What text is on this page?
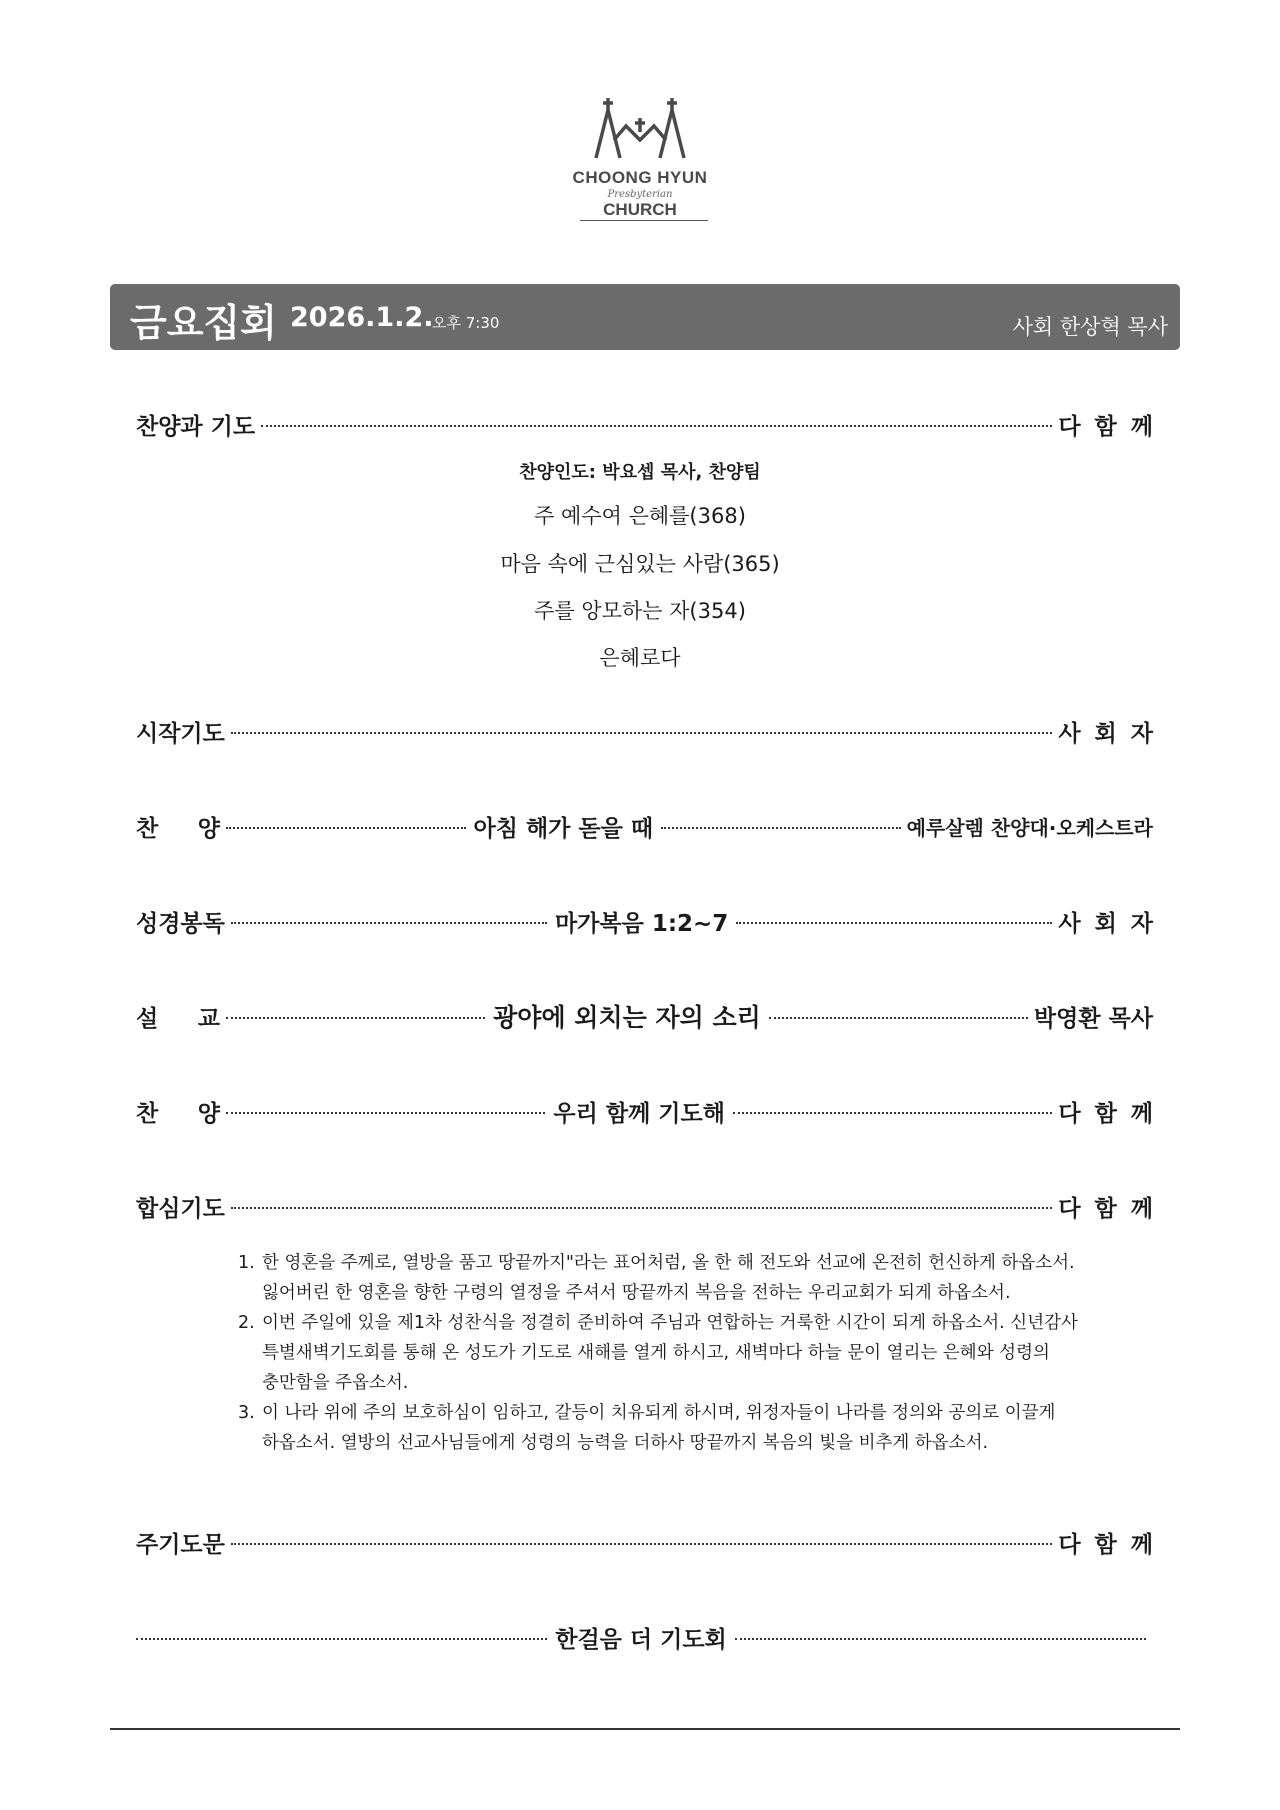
CHOONG HYUN
Presbyterian
CHURCH
금요집회 2026.1.2.
오후 7:30	사회 한상혁 목사
찬양과 기도	다함께
찬양인도: 박요셉 목사, 찬양팀
주 예수여 은혜를(368)
마음 속에 근심있는 사람(365)
주를 앙모하는 자(354)
은혜로다
시작기도	사회자
찬 양	아침 해가 돋을 때	예루살렘 찬양대·오케스트라
성경봉독	마가복음 1:2~7	사회자
설 교	광야에 외치는 자의 소리	박영환 목사
찬 양	우리 함께 기도해	다함께
합심기도	다함께
1. 한 영혼을 주께로, 열방을 품고 땅끝까지"라는 표어처럼, 올 한 해 전도와 선교에 온전히 헌신하게 하옵소서.
잃어버린 한 영혼을 향한 구령의 열정을 주셔서 땅끝까지 복음을 전하는 우리교회가 되게 하옵소서.
2. 이번 주일에 있을 제1차 성찬식을 정결히 준비하여 주님과 연합하는 거룩한 시간이 되게 하옵소서. 신년감사
특별새벽기도회를 통해 온 성도가 기도로 새해를 열게 하시고, 새벽마다 하늘 문이 열리는 은혜와 성령의
충만함을 주옵소서.
3. 이 나라 위에 주의 보호하심이 임하고, 갈등이 치유되게 하시며, 위정자들이 나라를 정의와 공의로 이끌게
하옵소서. 열방의 선교사님들에게 성령의 능력을 더하사 땅끝까지 복음의 빛을 비추게 하옵소서.
주기도문	다함께
한걸음 더 기도회
